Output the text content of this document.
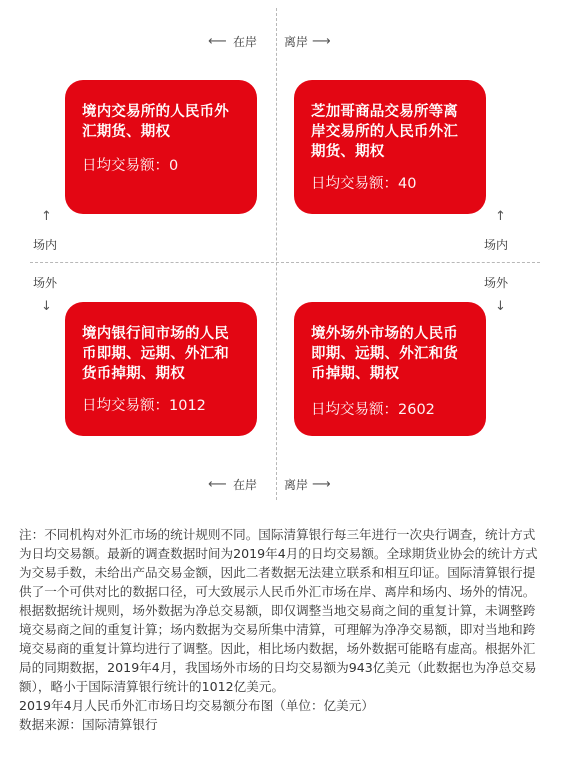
⟵ 在岸 离岸 ⟶
⟵ 在岸 离岸 ⟶
↑
场内
场外
↓
↑
场内
场外
↓
境内交易所的人民币外汇期货、期权
日均交易额：0
芝加哥商品交易所等离岸交易所的人民币外汇期货、期权
日均交易额：40
境内银行间市场的人民币即期、远期、外汇和货币掉期、期权
日均交易额：1012
境外场外市场的人民币即期、远期、外汇和货币掉期、期权
日均交易额：2602

注：不同机构对外汇市场的统计规则不同。国际清算银行每三年进行一次央行调查，统计方式为日均交易额。最新的调查数据时间为2019年4月的日均交易额。全球期货业协会的统计方式为交易手数，未给出产品交易金额，因此二者数据无法建立联系和相互印证。国际清算银行提供了一个可供对比的数据口径，可大致展示人民币外汇市场在岸、离岸和场内、场外的情况。根据数据统计规则，场外数据为净总交易额，即仅调整当地交易商之间的重复计算，未调整跨境交易商之间的重复计算；场内数据为交易所集中清算，可理解为净净交易额，即对当地和跨境交易商的重复计算均进行了调整。因此，相比场内数据，场外数据可能略有虚高。根据外汇局的同期数据，2019年4月，我国场外市场的日均交易额为943亿美元（此数据也为净总交易额），略小于国际清算银行统计的1012亿美元。

2019年4月人民币外汇市场日均交易额分布图（单位：亿美元）

数据来源：国际清算银行
